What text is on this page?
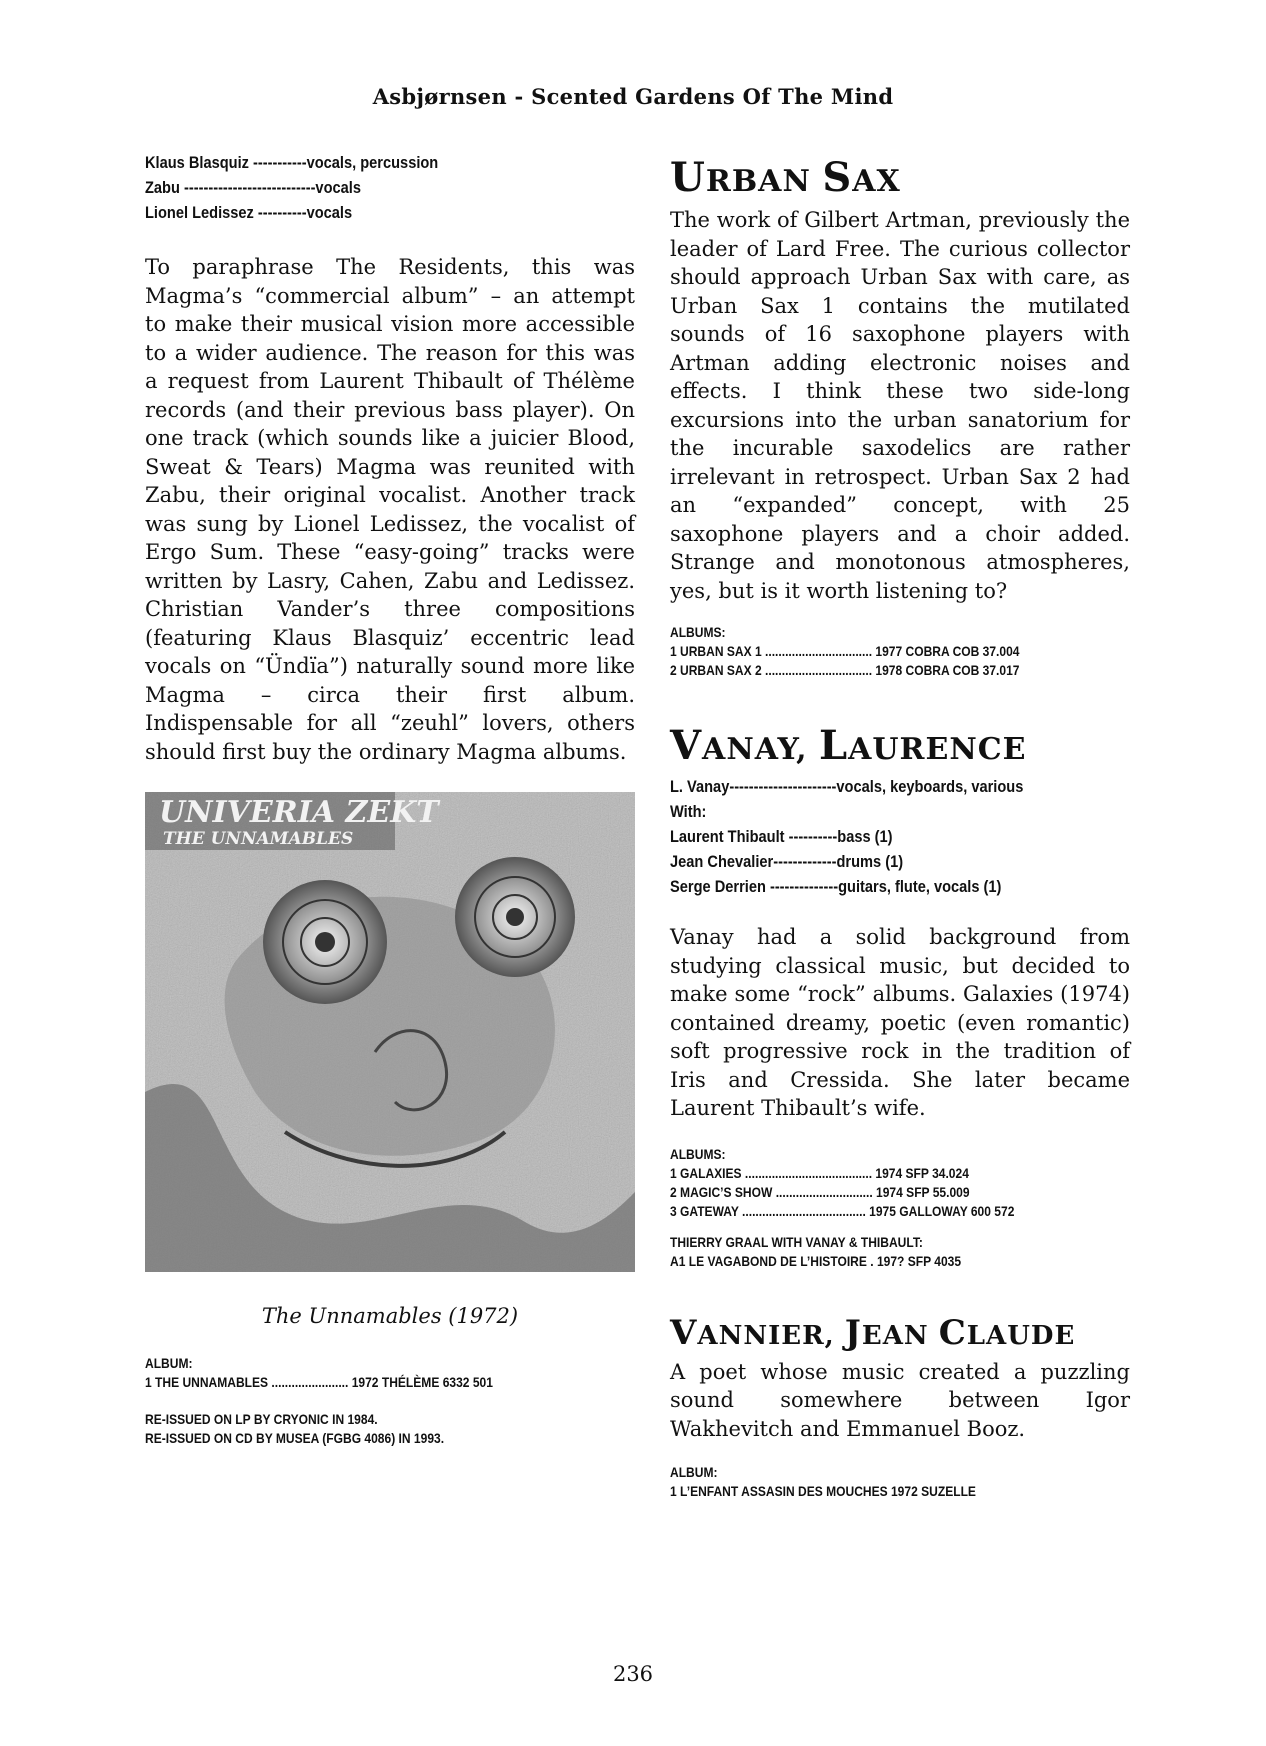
Asbjørnsen - Scented Gardens Of The Mind
Klaus Blasquiz -----------vocals, percussion
Zabu ---------------------------vocals
Lionel Ledissez ----------vocals

To paraphrase The Residents, this was Magma’s “commercial album” – an attempt to make their musical vision more accessible to a wider audience. The reason for this was a request from Laurent Thibault of Thélème records (and their previous bass player). On one track (which sounds like a juicier Blood, Sweat & Tears) Magma was reunited with Zabu, their original vocalist. Another track was sung by Lionel Ledissez, the vocalist of Ergo Sum. These “easy-going” tracks were written by Lasry, Cahen, Zabu and Ledissez. Christian Vander’s three compositions (featuring Klaus Blasquiz’ eccentric lead vocals on “Ündïa”) naturally sound more like Magma – circa their first album. Indispensable for all “zeuhl” lovers, others should first buy the ordinary Magma albums.

UNIVERIA ZEKT
THE UNNAMABLES
The Unnamables (1972)
ALBUM:
1 THE UNNAMABLES ....................... 1972 THÉLÈME 6332 501
RE-ISSUED ON LP BY CRYONIC IN 1984.
RE-ISSUED ON CD BY MUSEA (FGBG 4086) IN 1993.
URBAN SAX

The work of Gilbert Artman, previously the leader of Lard Free. The curious collector should approach Urban Sax with care, as Urban Sax 1 contains the mutilated sounds of 16 saxophone players with Artman adding electronic noises and effects. I think these two side-long excursions into the urban sanatorium for the incurable saxodelics are rather irrelevant in retrospect. Urban Sax 2 had an “expanded” concept, with 25 saxophone players and a choir added. Strange and monotonous atmospheres, yes, but is it worth listening to?

ALBUMS:
1 URBAN SAX 1 ................................ 1977 COBRA COB 37.004
2 URBAN SAX 2 ................................ 1978 COBRA COB 37.017
VANAY, LAURENCE
L. Vanay----------------------vocals, keyboards, various
With:
Laurent Thibault ----------bass (1)
Jean Chevalier-------------drums (1)
Serge Derrien --------------guitars, flute, vocals (1)

Vanay had a solid background from studying classical music, but decided to make some “rock” albums. Galaxies (1974) contained dreamy, poetic (even romantic) soft progressive rock in the tradition of Iris and Cressida. She later became Laurent Thibault’s wife.

ALBUMS:
1 GALAXIES ...................................... 1974 SFP 34.024
2 MAGIC’S SHOW ............................. 1974 SFP 55.009
3 GATEWAY ..................................... 1975 GALLOWAY 600 572
THIERRY GRAAL WITH VANAY & THIBAULT:
A1 LE VAGABOND DE L’HISTOIRE . 197? SFP 4035
VANNIER, JEAN CLAUDE

A poet whose music created a puzzling sound somewhere between Igor Wakhevitch and Emmanuel Booz.

ALBUM:
1 L’ENFANT ASSASIN DES MOUCHES 1972 SUZELLE
236
